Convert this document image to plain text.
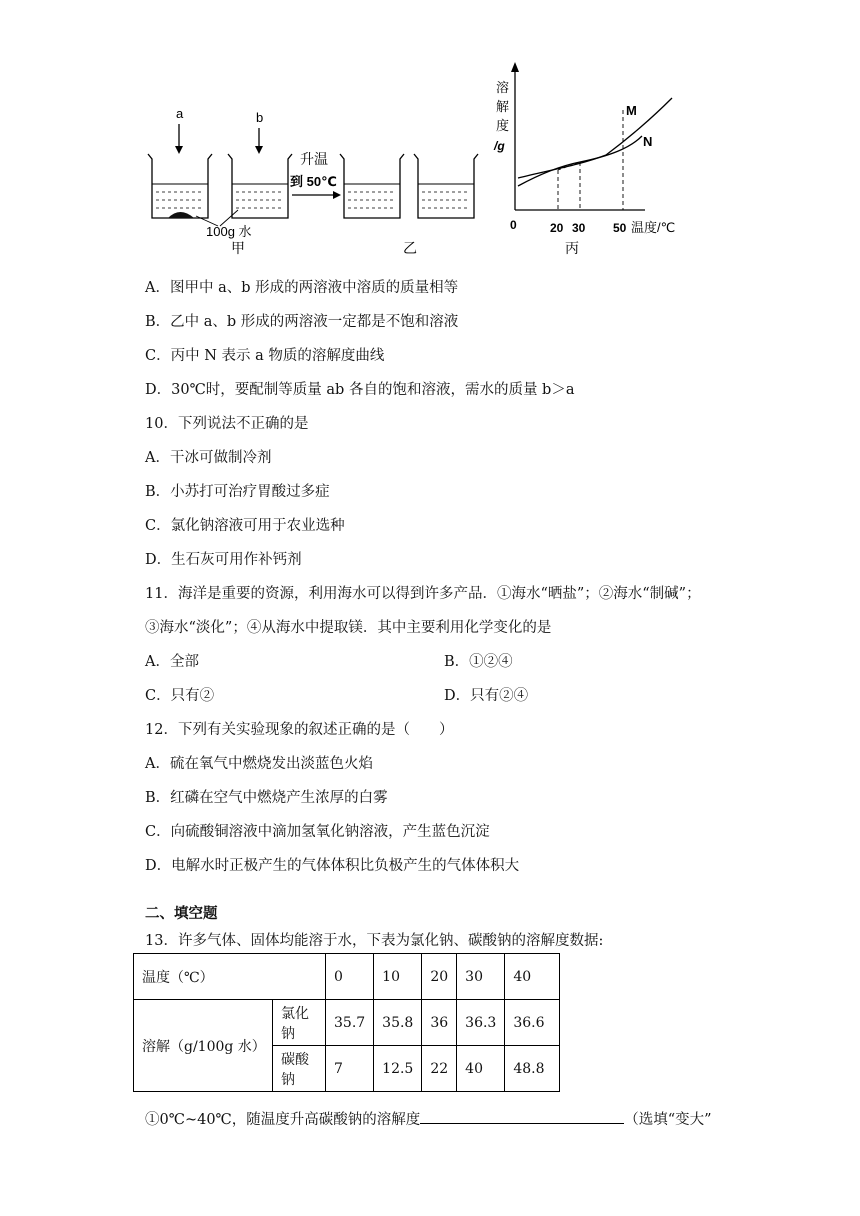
a	b
100g 水
甲
升温
到 50℃
乙
溶
解
度
/g
M
N
0	20 30 50 温度/℃
丙
A．图甲中 a、b 形成的两溶液中溶质的质量相等
B．乙中 a、b 形成的两溶液一定都是不饱和溶液
C．丙中 N 表示 a 物质的溶解度曲线
D．30℃时，要配制等质量 ab 各自的饱和溶液，需水的质量 b＞a
10．下列说法不正确的是
A．干冰可做制冷剂
B．小苏打可治疗胃酸过多症
C．氯化钠溶液可用于农业选种
D．生石灰可用作补钙剂
11．海洋是重要的资源，利用海水可以得到许多产品．①海水“晒盐”；②海水“制碱”；
③海水“淡化”；④从海水中提取镁．其中主要利用化学变化的是
A．全部	B．①②④
C．只有②	D．只有②④
12．下列有关实验现象的叙述正确的是（　　）
A．硫在氧气中燃烧发出淡蓝色火焰
B．红磷在空气中燃烧产生浓厚的白雾
C．向硫酸铜溶液中滴加氢氧化钠溶液，产生蓝色沉淀
D．电解水时正极产生的气体体积比负极产生的气体体积大
二、填空题
13．许多气体、固体均能溶于水，下表为氯化钠、碳酸钠的溶解度数据:
温度（℃）		0	10	20	30	40
溶解（g/100g 水）	氯化钠	35.7	35.8	36	36.3	36.6
	碳酸钠	7	12.5	22	40	48.8
①0℃~40℃，随温度升高碳酸钠的溶解度	（选填“变大”
